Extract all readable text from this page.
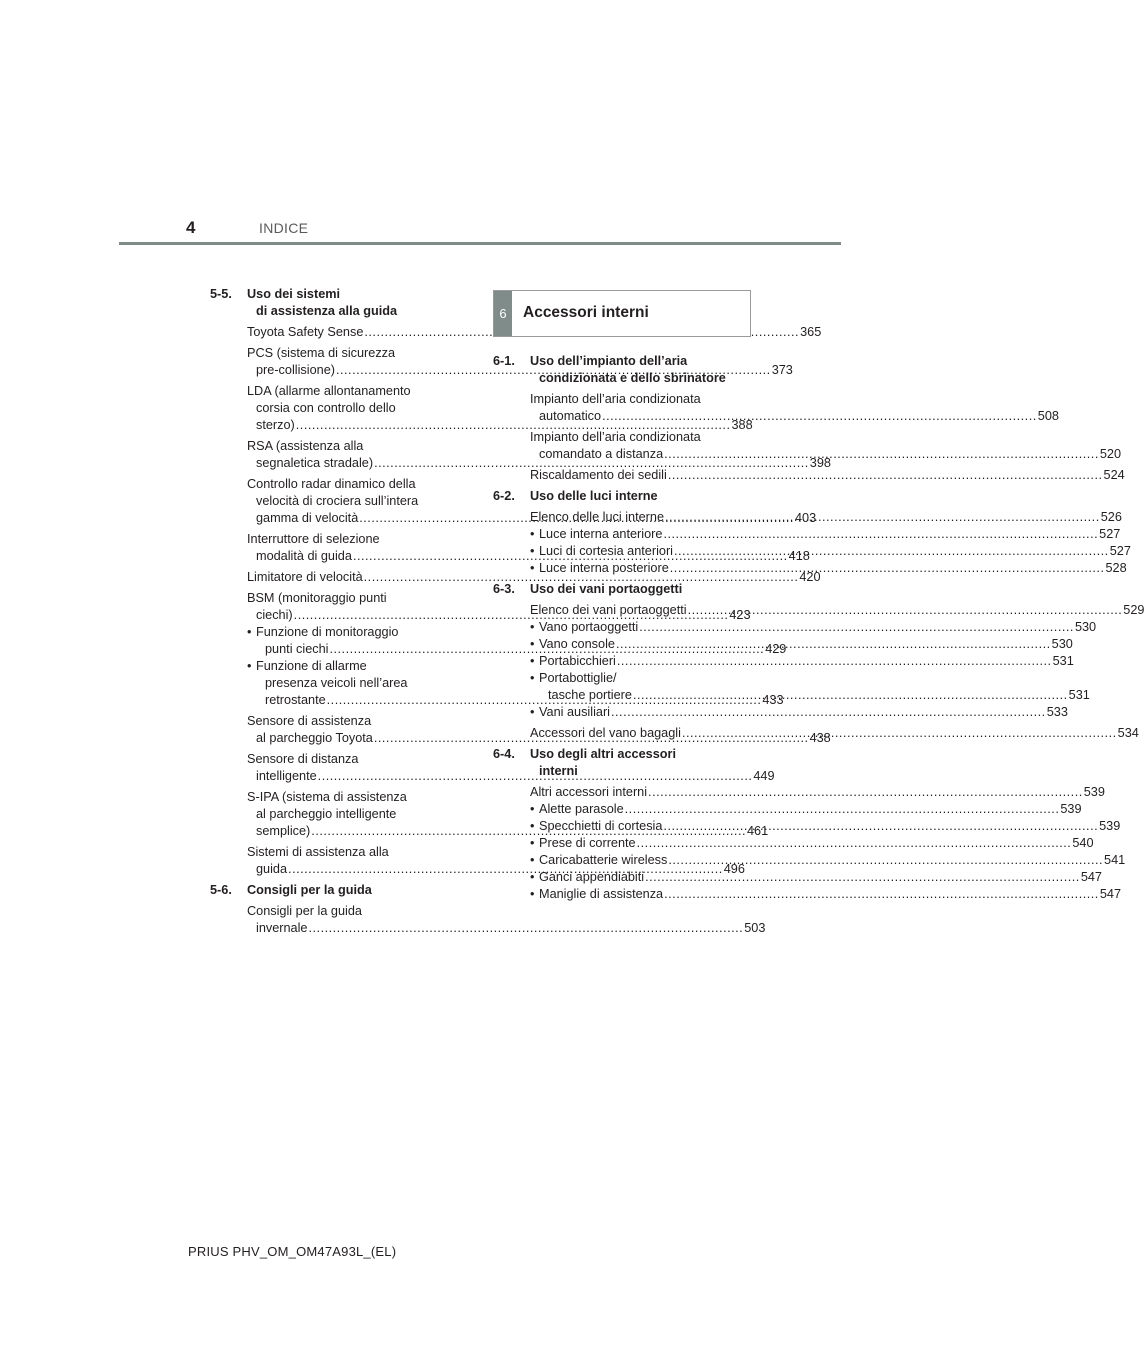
4	INDICE
5-5. Uso dei sistemi
di assistenza alla guida
Toyota Safety Sense .....	365
PCS (sistema di sicurezza
pre-collisione) .....	373
LDA (allarme allontanamento
corsia con controllo dello
sterzo) .....	388
RSA (assistenza alla
segnaletica stradale) .....	398
Controllo radar dinamico della
velocità di crociera sull’intera
gamma di velocità .....	403
Interruttore di selezione
modalità di guida .....	418
Limitatore di velocità .....	420
BSM (monitoraggio punti
ciechi) .....	423
• Funzione di monitoraggio
punti ciechi .....	429
• Funzione di allarme
presenza veicoli nell’area
retrostante .....	433
Sensore di assistenza
al parcheggio Toyota .....	438
Sensore di distanza
intelligente .....	449
S-IPA (sistema di assistenza
al parcheggio intelligente
semplice) .....	461
Sistemi di assistenza alla
guida .....	496
5-6. Consigli per la guida
Consigli per la guida
invernale .....	503
6	Accessori interni
6-1. Uso dell’impianto dell’aria
condizionata e dello sbrinatore
Impianto dell’aria condizionata
automatico .....	508
Impianto dell’aria condizionata
comandato a distanza .....	520
Riscaldamento dei sedili .....	524
6-2. Uso delle luci interne
Elenco delle luci interne .....	526
• Luce interna anteriore .....	527
• Luci di cortesia anteriori .....	527
• Luce interna posteriore .....	528
6-3. Uso dei vani portaoggetti
Elenco dei vani portaoggetti .....	529
• Vano portaoggetti .....	530
• Vano console .....	530
• Portabicchieri .....	531
• Portabottiglie/
tasche portiere .....	531
• Vani ausiliari .....	533
Accessori del vano bagagli .....	534
6-4. Uso degli altri accessori
interni
Altri accessori interni .....	539
• Alette parasole .....	539
• Specchietti di cortesia .....	539
• Prese di corrente .....	540
• Caricabatterie wireless .....	541
• Ganci appendiabiti .....	547
• Maniglie di assistenza .....	547
PRIUS PHV_OM_OM47A93L_(EL)
